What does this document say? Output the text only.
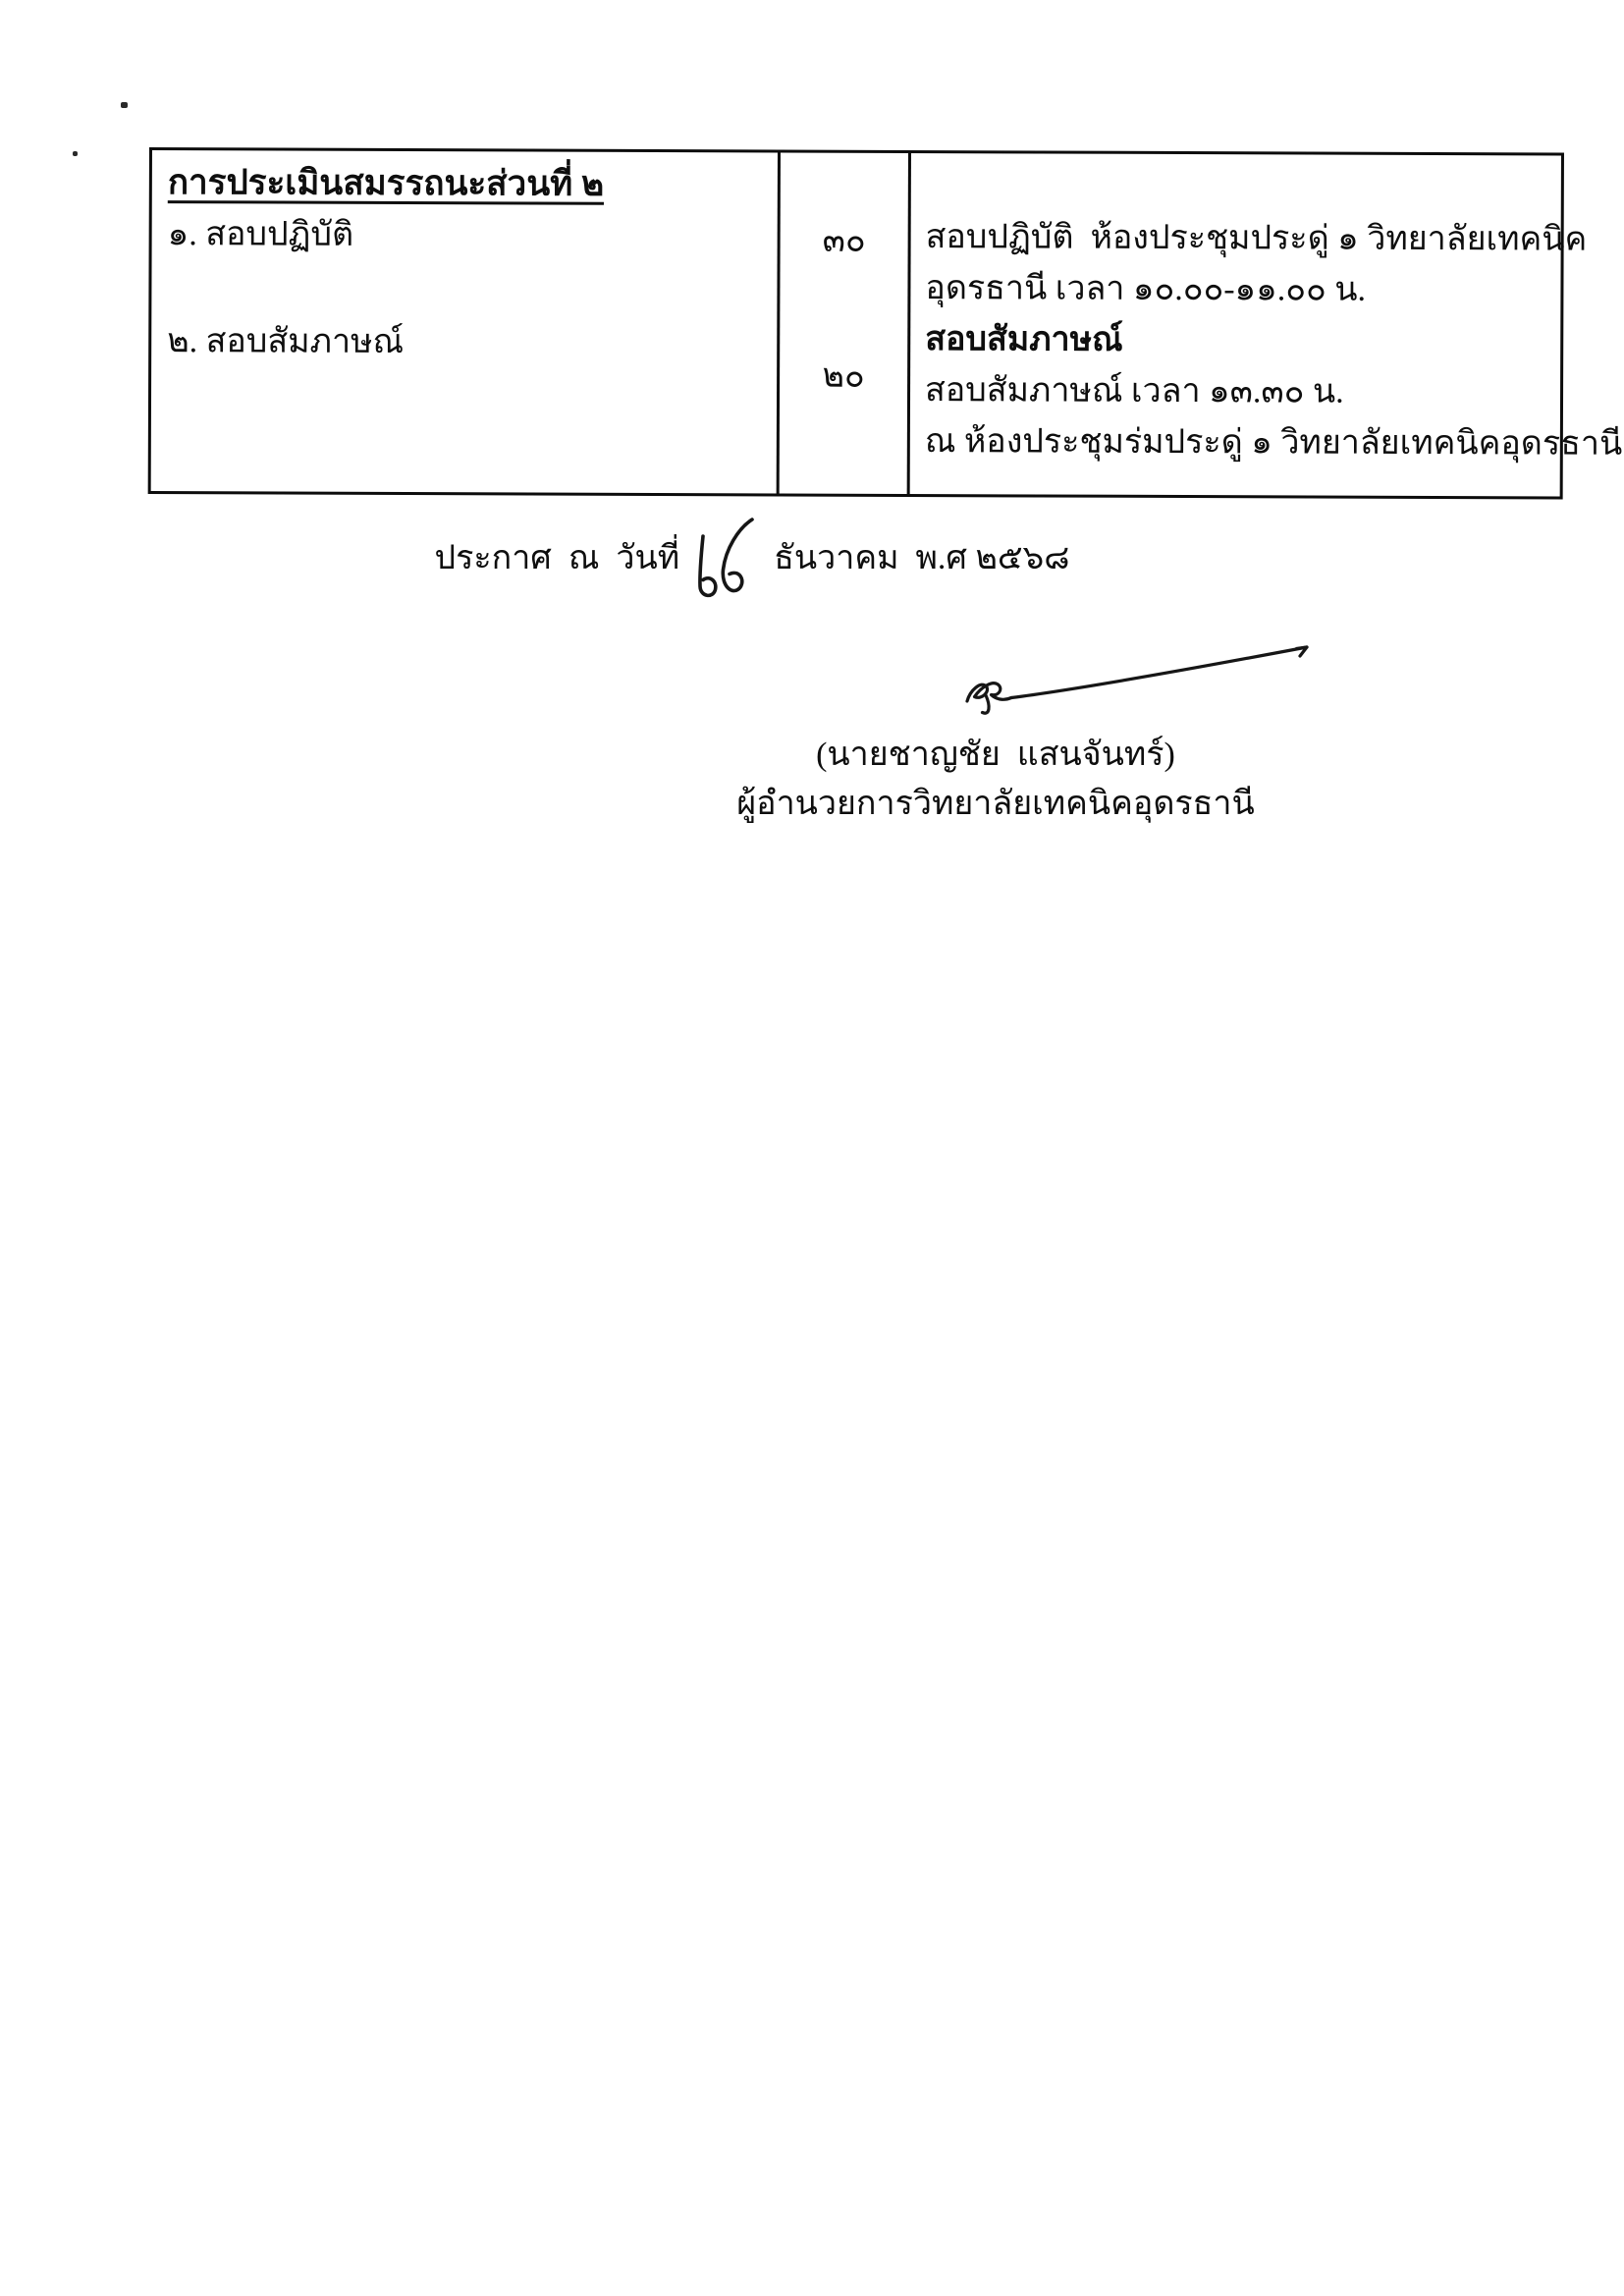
การประเมินสมรรถนะส่วนที่ ๒
๑. สอบปฏิบัติ
๒. สอบสัมภาษณ์
๓๐
๒๐
สอบปฏิบัติ  ห้องประชุมประดู่ ๑ วิทยาลัยเทคนิค
อุดรธานี เวลา ๑๐.๐๐-๑๑.๐๐ น.
สอบสัมภาษณ์
สอบสัมภาษณ์ เวลา ๑๓.๓๐ น.
ณ ห้องประชุมร่มประดู่ ๑ วิทยาลัยเทคนิคอุดรธานี
ประกาศ  ณ  วันที่	ธันวาคม  พ.ศ ๒๕๖๘
(นายชาญชัย  แสนจันทร์)
ผู้อำนวยการวิทยาลัยเทคนิคอุดรธานี
